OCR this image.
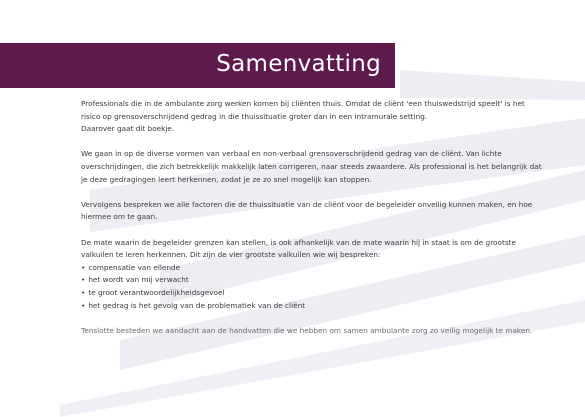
Samenvatting

Professionals die in de ambulante zorg werken komen bij cliënten thuis. Omdat de cliënt 'een thuiswedstrijd speelt' is het risico op grensoverschrijdend gedrag in die thuissituatie groter dan in een intramurale setting.
Daarover gaat dit boekje.

We gaan in op de diverse vormen van verbaal en non-verbaal grensoverschrijdend gedrag van de cliënt. Van lichte overschrijdingen, die zich betrekkelijk makkelijk laten corrigeren, naar steeds zwaardere. Als professional is het belangrijk dat je deze gedragingen leert herkennen, zodat je ze zo snel mogelijk kan stoppen.

Vervolgens bespreken we alle factoren die de thuissituatie van de cliënt voor de begeleider onveilig kunnen maken, en hoe hiermee om te gaan.

De mate waarin de begeleider grenzen kan stellen, is ook afhankelijk van de mate waarin hij in staat is om de grootste valkuilen te leren herkennen. Dit zijn de vier grootste valkuilen wie wij bespreken:

• compensatie van ellende
• het wordt van mij verwacht
• te groot verantwoordelijkheidsgevoel
• het gedrag is het gevolg van de problematiek van de cliënt

Tenslotte besteden we aandacht aan de handvatten die we hebben om samen ambulante zorg zo veilig mogelijk te maken.
